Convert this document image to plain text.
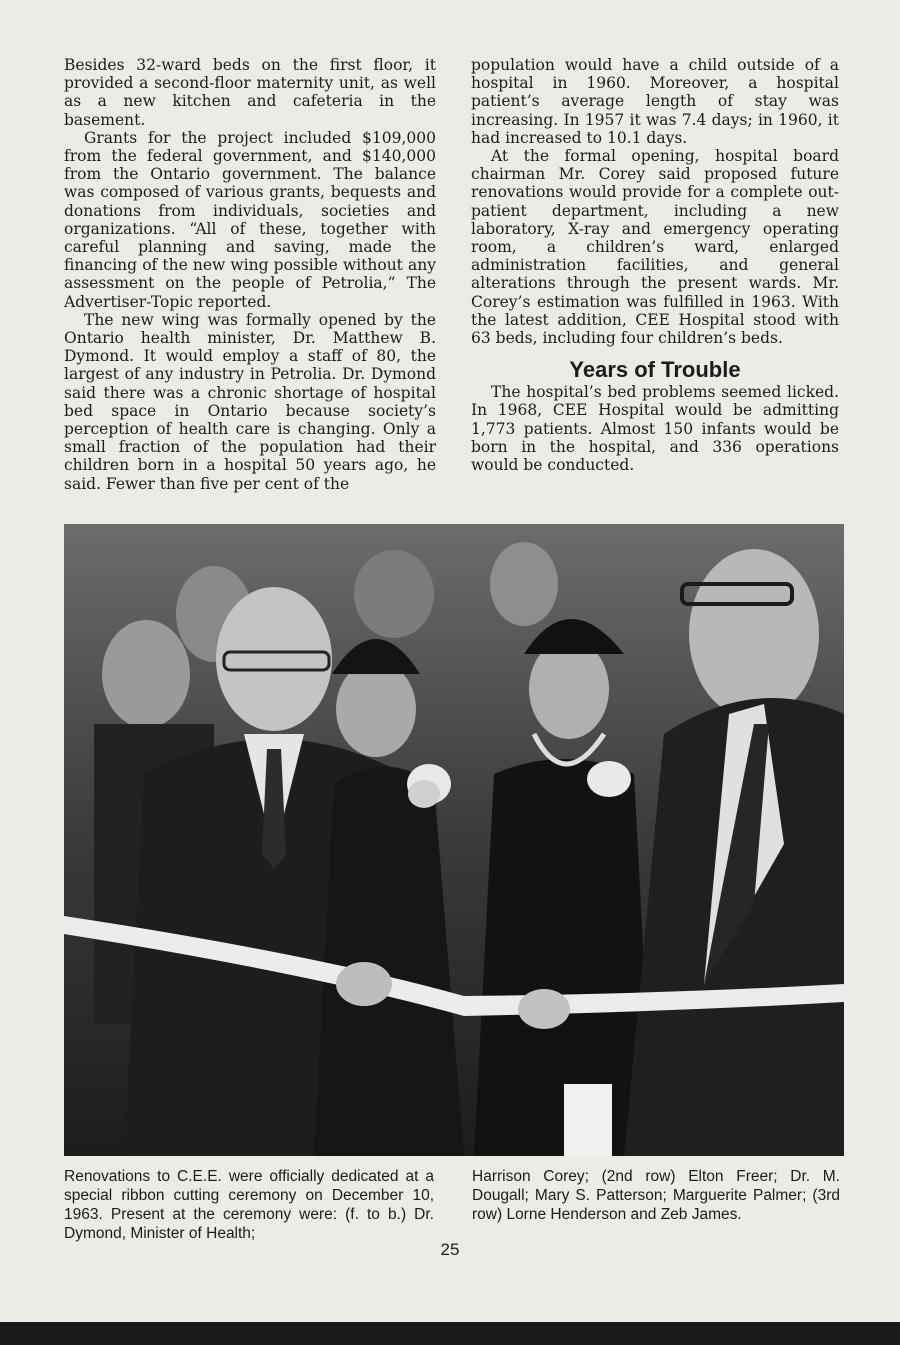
Besides 32-ward beds on the first floor, it provided a second-floor maternity unit, as well as a new kitchen and cafeteria in the basement.

Grants for the project included $109,000 from the federal government, and $140,000 from the Ontario government. The balance was composed of various grants, bequests and donations from individuals, societies and organizations. “All of these, together with careful planning and saving, made the financing of the new wing possible without any assessment on the people of Petrolia,” The Advertiser-Topic reported.

The new wing was formally opened by the Ontario health minister, Dr. Matthew B. Dymond. It would employ a staff of 80, the largest of any industry in Petrolia. Dr. Dymond said there was a chronic shortage of hospital bed space in Ontario because society’s perception of health care is changing. Only a small fraction of the population had their children born in a hospital 50 years ago, he said. Fewer than five per cent of the

population would have a child outside of a hospital in 1960. Moreover, a hospital patient’s average length of stay was increasing. In 1957 it was 7.4 days; in 1960, it had increased to 10.1 days.

At the formal opening, hospital board chairman Mr. Corey said proposed future renovations would provide for a complete out-patient department, including a new laboratory, X-ray and emergency operating room, a children’s ward, enlarged administration facilities, and general alterations through the present wards. Mr. Corey’s estimation was fulfilled in 1963. With the latest addition, CEE Hospital stood with 63 beds, including four children’s beds.

Years of Trouble

The hospital’s bed problems seemed licked. In 1968, CEE Hospital would be admitting 1,773 patients. Almost 150 infants would be born in the hospital, and 336 operations would be conducted.

Renovations to C.E.E. were officially dedicated at a special ribbon cutting ceremony on December 10, 1963. Present at the ceremony were: (f. to b.) Dr. Dymond, Minister of Health;
Harrison Corey; (2nd row) Elton Freer; Dr. M. Dougall; Mary S. Patterson; Marguerite Palmer; (3rd row) Lorne Henderson and Zeb James.
25
